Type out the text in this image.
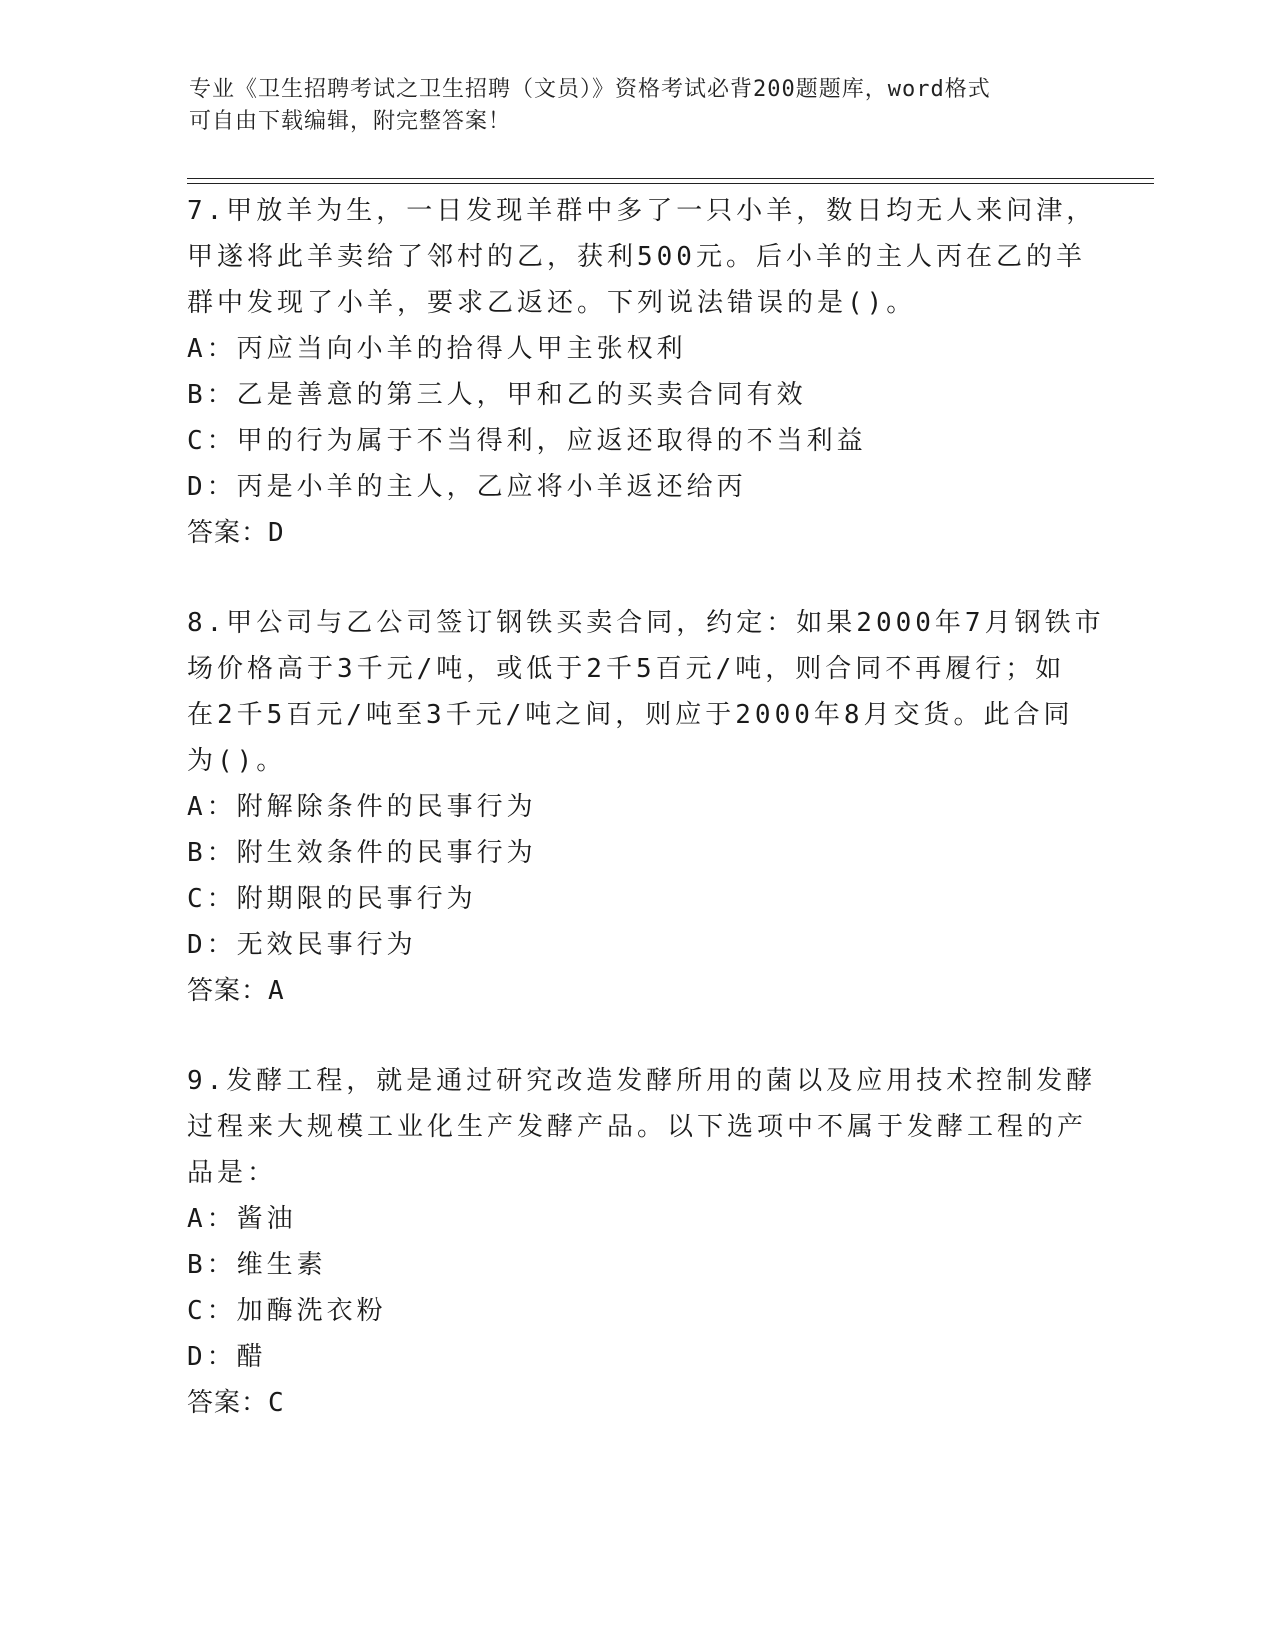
专业《卫生招聘考试之卫生招聘（文员）》资格考试必背200题题库，word格式
可自由下载编辑，附完整答案！
7.甲放羊为生，一日发现羊群中多了一只小羊，数日均无人来问津，
甲遂将此羊卖给了邻村的乙，获利500元。后小羊的主人丙在乙的羊
群中发现了小羊，要求乙返还。下列说法错误的是()。
A：丙应当向小羊的拾得人甲主张权利
B：乙是善意的第三人，甲和乙的买卖合同有效
C：甲的行为属于不当得利，应返还取得的不当利益
D：丙是小羊的主人，乙应将小羊返还给丙
答案：D
8.甲公司与乙公司签订钢铁买卖合同，约定：如果2000年7月钢铁市
场价格高于3千元/吨，或低于2千5百元/吨，则合同不再履行；如
在2千5百元/吨至3千元/吨之间，则应于2000年8月交货。此合同
为()。
A：附解除条件的民事行为
B：附生效条件的民事行为
C：附期限的民事行为
D：无效民事行为
答案：A
9.发酵工程，就是通过研究改造发酵所用的菌以及应用技术控制发酵
过程来大规模工业化生产发酵产品。以下选项中不属于发酵工程的产
品是：
A：酱油
B：维生素
C：加酶洗衣粉
D：醋
答案：C
